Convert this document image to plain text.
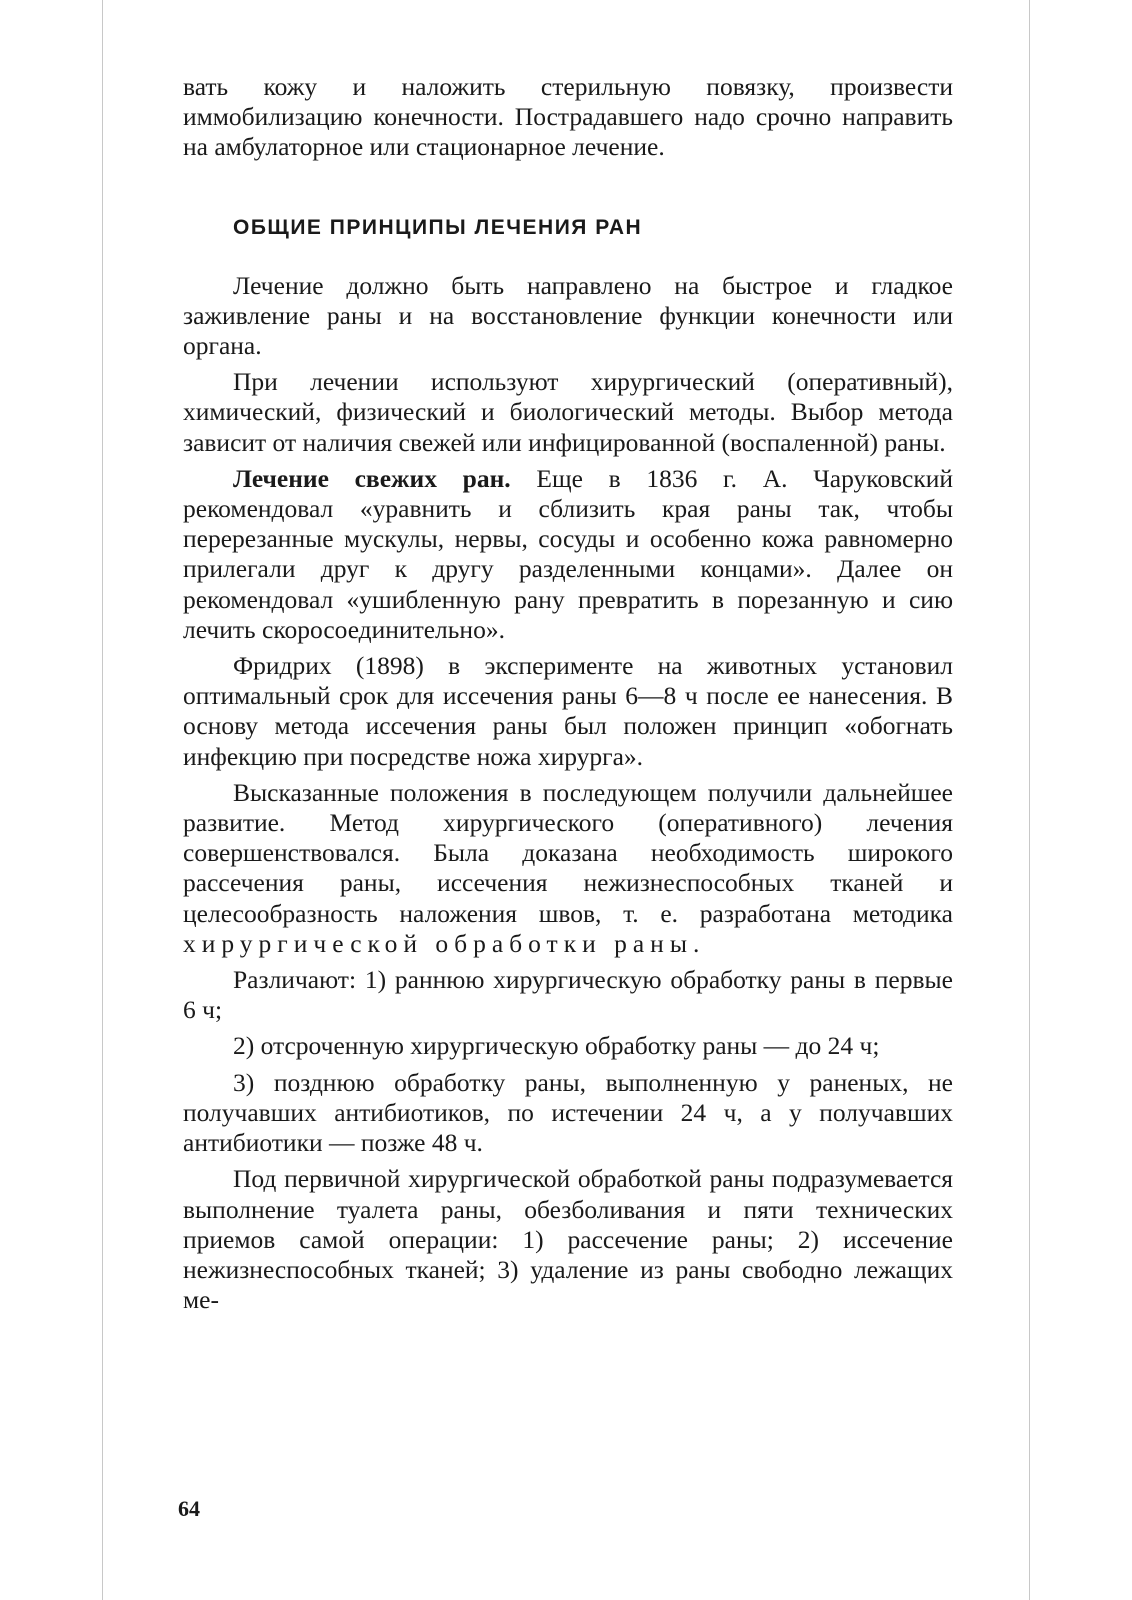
вать кожу и наложить стерильную повязку, произвести иммобилизацию конечности. Пострадавшего надо срочно направить на амбулаторное или стационарное лечение.

ОБЩИЕ ПРИНЦИПЫ ЛЕЧЕНИЯ РАН

Лечение должно быть направлено на быстрое и гладкое заживление раны и на восстановление функции конечности или органа.

При лечении используют хирургический (оперативный), химический, физический и биологический методы. Выбор метода зависит от наличия свежей или инфицированной (воспаленной) раны.

Лечение свежих ран. Еще в 1836 г. А. Чаруковский рекомендовал «уравнить и сблизить края раны так, чтобы перерезанные мускулы, нервы, сосуды и особенно кожа равномерно прилегали друг к другу разделенными концами». Далее он рекомендовал «ушибленную рану превратить в порезанную и сию лечить скоросоединительно».

Фридрих (1898) в эксперименте на животных установил оптимальный срок для иссечения раны 6—8 ч после ее нанесения. В основу метода иссечения раны был положен принцип «обогнать инфекцию при посредстве ножа хирурга».

Высказанные положения в последующем получили дальнейшее развитие. Метод хирургического (оперативного) лечения совершенствовался. Была доказана необходимость широкого рассечения раны, иссечения нежизнеспособных тканей и целесообразность наложения швов, т. е. разработана методика хирургической обработки раны.

Различают: 1) раннюю хирургическую обработку раны в первые 6 ч;

2) отсроченную хирургическую обработку раны — до 24 ч;

3) позднюю обработку раны, выполненную у раненых, не получавших антибиотиков, по истечении 24 ч, а у получавших антибиотики — позже 48 ч.

Под первичной хирургической обработкой раны подразумевается выполнение туалета раны, обезболивания и пяти технических приемов самой операции: 1) рассечение раны; 2) иссечение нежизнеспособных тканей; 3) удаление из раны свободно лежащих ме-

64
